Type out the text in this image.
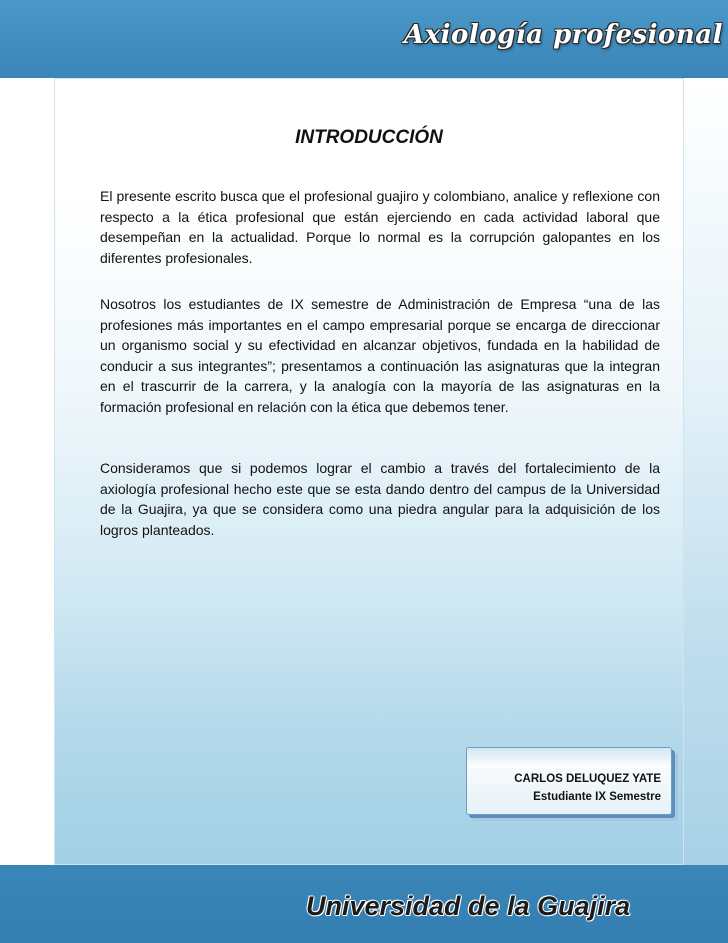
Axiología profesional
INTRODUCCIÓN

El presente escrito busca que el profesional guajiro y colombiano, analice y reflexione con respecto a la ética profesional que están ejerciendo en cada actividad laboral que desempeñan en la actualidad. Porque lo normal es la corrupción galopantes en los diferentes profesionales.

Nosotros los estudiantes de IX semestre de Administración de Empresa “una de las profesiones más importantes en el campo empresarial porque se encarga de direccionar un organismo social y su efectividad en alcanzar objetivos, fundada en la habilidad de conducir a sus integrantes”; presentamos a continuación las asignaturas que la integran en el trascurrir de la carrera, y la analogía con la mayoría de las asignaturas en la formación profesional en relación con la ética que debemos tener.

Consideramos que si podemos lograr el cambio a través del fortalecimiento de la axiología profesional hecho este que se esta dando dentro del campus de la Universidad de la Guajira, ya que se considera como una piedra angular para la adquisición de los logros planteados.

CARLOS DELUQUEZ YATE
Estudiante IX Semestre
Universidad de la Guajira
